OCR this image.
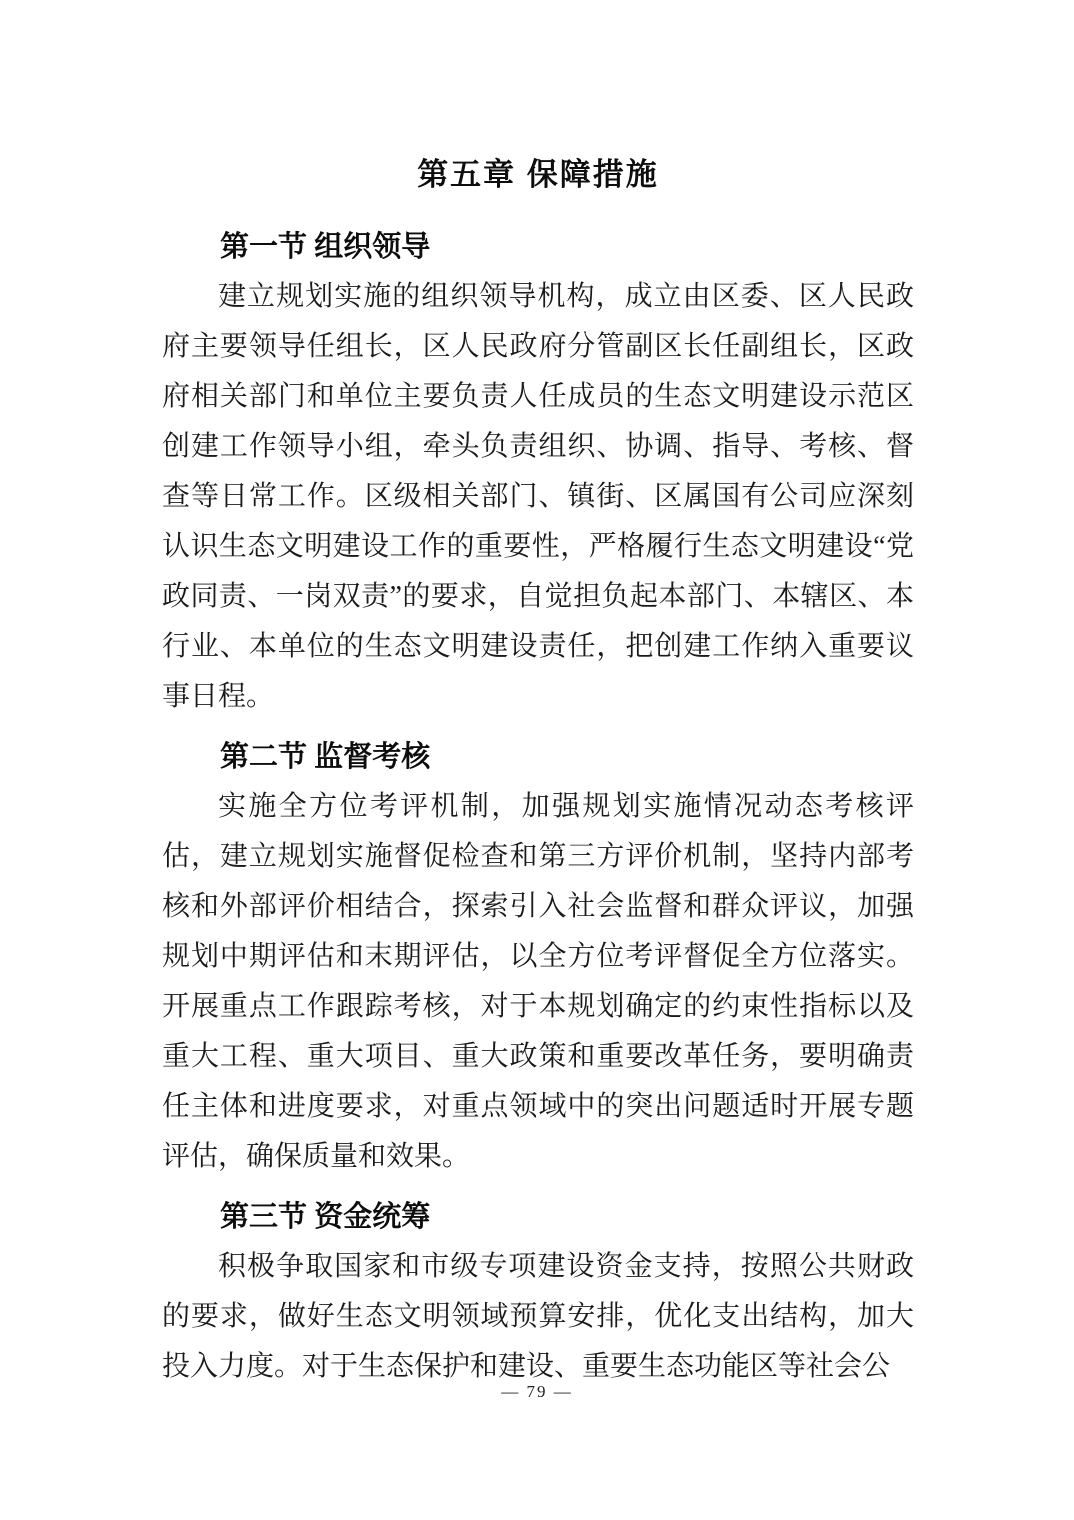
第五章 保障措施
第一节 组织领导

建立规划实施的组织领导机构，成立由区委、区人民政府主要领导任组长，区人民政府分管副区长任副组长，区政府相关部门和单位主要负责人任成员的生态文明建设示范区创建工作领导小组，牵头负责组织、协调、指导、考核、督查等日常工作。区级相关部门、镇街、区属国有公司应深刻认识生态文明建设工作的重要性，严格履行生态文明建设“党政同责、一岗双责”的要求，自觉担负起本部门、本辖区、本行业、本单位的生态文明建设责任，把创建工作纳入重要议事日程。

第二节 监督考核

实施全方位考评机制，加强规划实施情况动态考核评估，建立规划实施督促检查和第三方评价机制，坚持内部考核和外部评价相结合，探索引入社会监督和群众评议，加强规划中期评估和末期评估，以全方位考评督促全方位落实。开展重点工作跟踪考核，对于本规划确定的约束性指标以及重大工程、重大项目、重大政策和重要改革任务，要明确责任主体和进度要求，对重点领域中的突出问题适时开展专题评估，确保质量和效果。

第三节 资金统筹

积极争取国家和市级专项建设资金支持，按照公共财政的要求，做好生态文明领域预算安排，优化支出结构，加大投入力度。对于生态保护和建设、重要生态功能区等社会公

— 79 —
